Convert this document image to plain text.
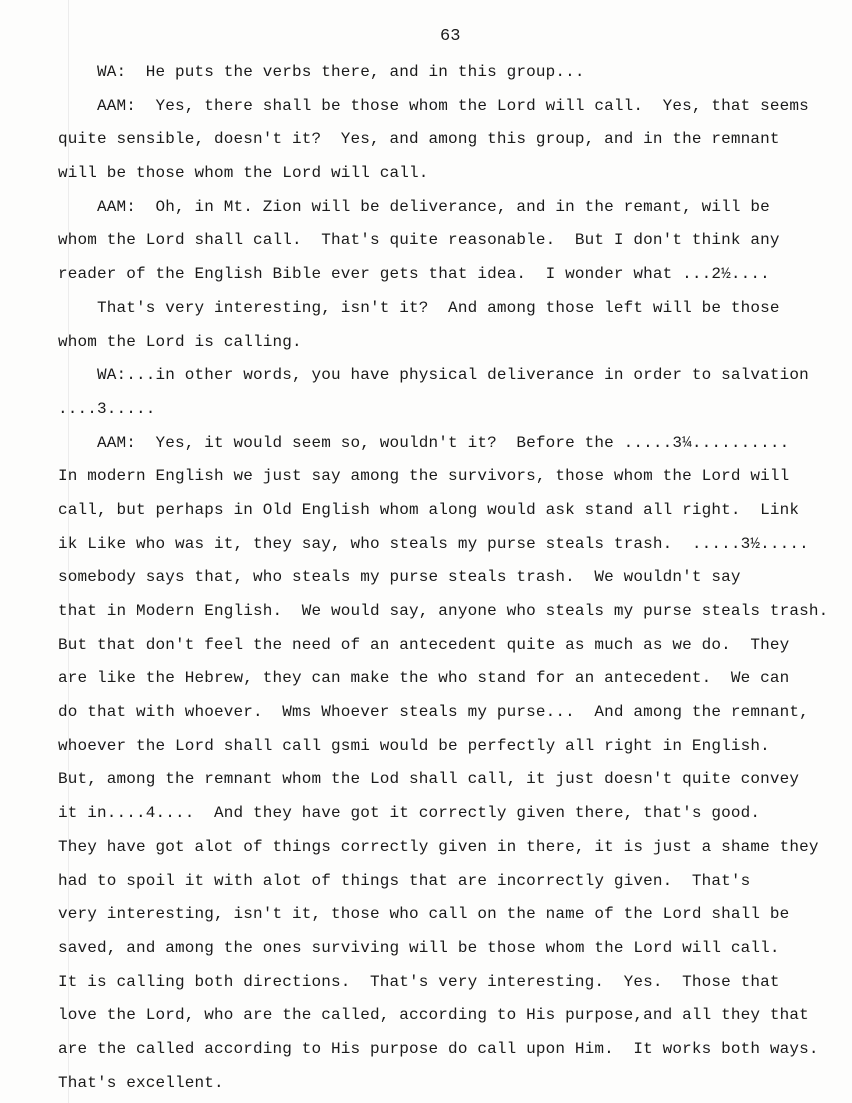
63
WA:  He puts the verbs there, and in this group...
AAM:  Yes, there shall be those whom the Lord will call.  Yes, that seems
quite sensible, doesn't it?  Yes, and among this group, and in the remnant
will be those whom the Lord will call.
AAM:  Oh, in Mt. Zion will be deliverance, and in the remant, will be
whom the Lord shall call.  That's quite reasonable.  But I don't think any
reader of the English Bible ever gets that idea.  I wonder what ...2½....
That's very interesting, isn't it?  And among those left will be those
whom the Lord is calling.
WA:...in other words, you have physical deliverance in order to salvation
....3.....
AAM:  Yes, it would seem so, wouldn't it?  Before the .....3¼..........
In modern English we just say among the survivors, those whom the Lord will
call, but perhaps in Old English whom along would ask stand all right.  Link
ik Like who was it, they say, who steals my purse steals trash.  .....3½.....
somebody says that, who steals my purse steals trash.  We wouldn't say
that in Modern English.  We would say, anyone who steals my purse steals trash.
But that don't feel the need of an antecedent quite as much as we do.  They
are like the Hebrew, they can make the who stand for an antecedent.  We can
do that with whoever.  Wms Whoever steals my purse...  And among the remnant,
whoever the Lord shall call gsmi would be perfectly all right in English.
But, among the remnant whom the Lod shall call, it just doesn't quite convey
it in....4....  And they have got it correctly given there, that's good.
They have got alot of things correctly given in there, it is just a shame they
had to spoil it with alot of things that are incorrectly given.  That's
very interesting, isn't it, those who call on the name of the Lord shall be
saved, and among the ones surviving will be those whom the Lord will call.
It is calling both directions.  That's very interesting.  Yes.  Those that
love the Lord, who are the called, according to His purpose,and all they that
are the called according to His purpose do call upon Him.  It works both ways.
That's excellent.
